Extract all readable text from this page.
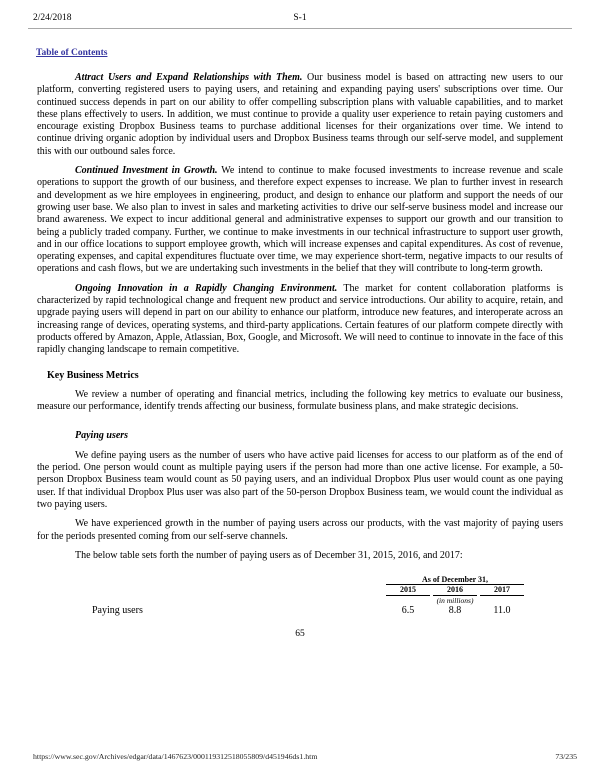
2/24/2018	S-1
Table of Contents

Attract Users and Expand Relationships with Them. Our business model is based on attracting new users to our platform, converting registered users to paying users, and retaining and expanding paying users' subscriptions over time. Our continued success depends in part on our ability to offer compelling subscription plans with valuable capabilities, and to market these plans effectively to users. In addition, we must continue to provide a quality user experience to retain paying customers and encourage existing Dropbox Business teams to purchase additional licenses for their organizations over time. We intend to continue driving organic adoption by individual users and Dropbox Business teams through our self-serve model, and supplement this with our outbound sales force.

Continued Investment in Growth. We intend to continue to make focused investments to increase revenue and scale operations to support the growth of our business, and therefore expect expenses to increase. We plan to further invest in research and development as we hire employees in engineering, product, and design to enhance our platform and support the needs of our growing user base. We also plan to invest in sales and marketing activities to drive our self-serve business model and increase our brand awareness. We expect to incur additional general and administrative expenses to support our growth and our transition to being a publicly traded company. Further, we continue to make investments in our technical infrastructure to support user growth, and in our office locations to support employee growth, which will increase expenses and capital expenditures. As cost of revenue, operating expenses, and capital expenditures fluctuate over time, we may experience short-term, negative impacts to our results of operations and cash flows, but we are undertaking such investments in the belief that they will contribute to long-term growth.

Ongoing Innovation in a Rapidly Changing Environment. The market for content collaboration platforms is characterized by rapid technological change and frequent new product and service introductions. Our ability to acquire, retain, and upgrade paying users will depend in part on our ability to enhance our platform, introduce new features, and interoperate across an increasing range of devices, operating systems, and third-party applications. Certain features of our platform compete directly with products offered by Amazon, Apple, Atlassian, Box, Google, and Microsoft. We will need to continue to innovate in the face of this rapidly changing landscape to remain competitive.

Key Business Metrics

We review a number of operating and financial metrics, including the following key metrics to evaluate our business, measure our performance, identify trends affecting our business, formulate business plans, and make strategic decisions.

Paying users

We define paying users as the number of users who have active paid licenses for access to our platform as of the end of the period. One person would count as multiple paying users if the person had more than one active license. For example, a 50-person Dropbox Business team would count as 50 paying users, and an individual Dropbox Plus user would count as one paying user. If that individual Dropbox Plus user was also part of the 50-person Dropbox Business team, we would count the individual as two paying users.

We have experienced growth in the number of paying users across our products, with the vast majority of paying users for the periods presented coming from our self-serve channels.

The below table sets forth the number of paying users as of December 31, 2015, 2016, and 2017:

	As of December 31,		
	2015	2016	2017
	(in millions)		
Paying users	6.5	8.8	11.0
65
https://www.sec.gov/Archives/edgar/data/1467623/000119312518055809/d451946ds1.htm	73/235
